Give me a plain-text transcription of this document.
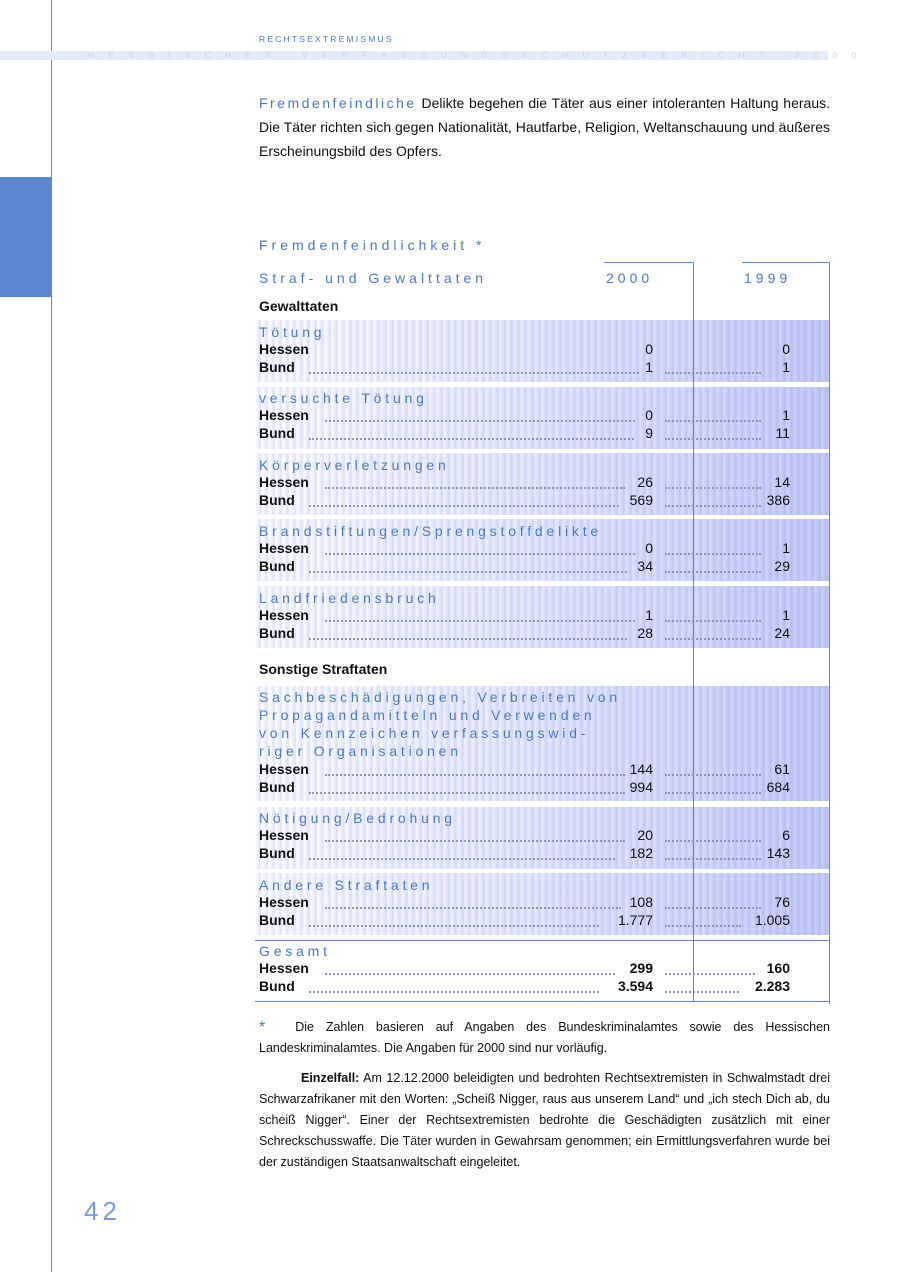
RECHTSEXTREMISMUS
HESSISCHER VERFASSUNGSSCHUTZBERICHT 2000
Fremdenfeindliche Delikte begehen die Täter aus einer intoleranten Haltung heraus. Die Täter richten sich gegen Nationalität, Hautfarbe, Religion, Weltanschauung und äußeres Erscheinungsbild des Opfers.
Fremdenfeindlichkeit *
Straf- und Gewalttaten	2000	1999
Gewalttaten
Tötung
Hessen	0	0
Bund	1	1
versuchte Tötung
Hessen	0	1
Bund	9	11
Körperverletzungen
Hessen	26	14
Bund	569	386
Brandstiftungen/Sprengstoffdelikte
Hessen	0	1
Bund	34	29
Landfriedensbruch
Hessen	1	1
Bund	28	24
Sonstige Straftaten
Sachbeschädigungen, Verbreiten von
Propagandamitteln und Verwenden
von Kennzeichen verfassungswid-
riger Organisationen
Hessen	144	61
Bund	994	684
Nötigung/Bedrohung
Hessen	20	6
Bund	182	143
Andere Straftaten
Hessen	108	76
Bund	1.777	1.005
Gesamt
Hessen	299	160
Bund	3.594	2.283
* Die Zahlen basieren auf Angaben des Bundeskriminalamtes sowie des Hessischen Landeskriminalamtes. Die Angaben für 2000 sind nur vorläufig.
Einzelfall: Am 12.12.2000 beleidigten und bedrohten Rechtsextremisten in Schwalmstadt drei Schwarzafrikaner mit den Worten: „Scheiß Nigger, raus aus unserem Land“ und „ich stech Dich ab, du scheiß Nigger“. Einer der Rechtsextremisten bedrohte die Geschädigten zusätzlich mit einer Schreckschusswaffe. Die Täter wurden in Gewahrsam genommen; ein Ermittlungsverfahren wurde bei der zuständigen Staatsanwaltschaft eingeleitet.
42
